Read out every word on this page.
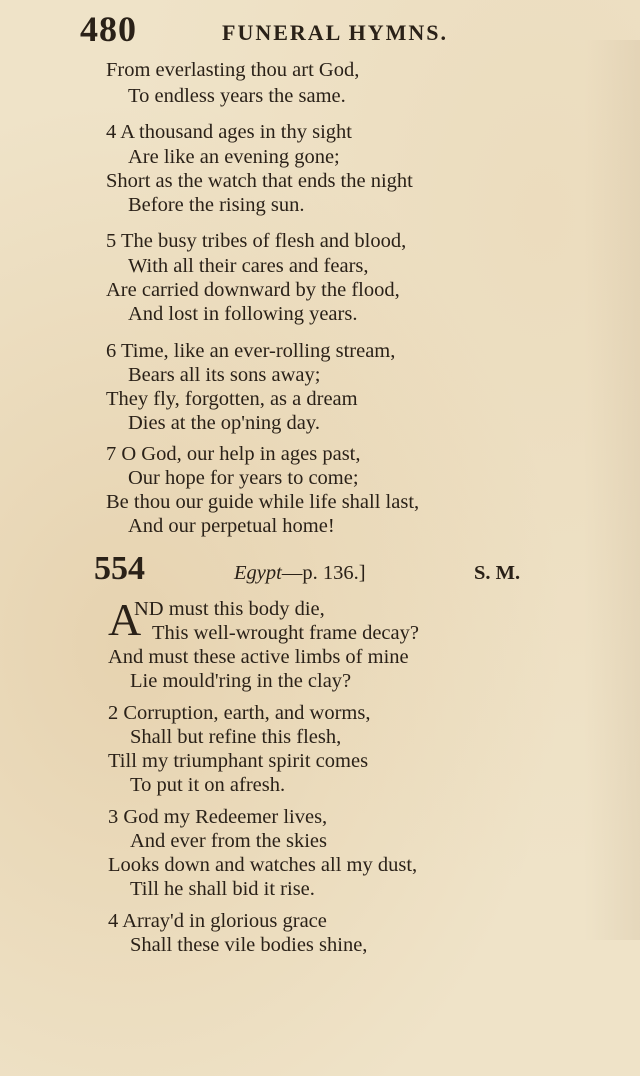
480	FUNERAL HYMNS.
From everlasting thou art God,
To endless years the same.
4 A thousand ages in thy sight
Are like an evening gone;
Short as the watch that ends the night
Before the rising sun.
5 The busy tribes of flesh and blood,
With all their cares and fears,
Are carried downward by the flood,
And lost in following years.
6 Time, like an ever-rolling stream,
Bears all its sons away;
They fly, forgotten, as a dream
Dies at the op'ning day.
7 O God, our help in ages past,
Our hope for years to come;
Be thou our guide while life shall last,
And our perpetual home!
554	Egypt—p. 136.]	S. M.
A
ND must this body die,
This well-wrought frame decay?
And must these active limbs of mine
Lie mould'ring in the clay?
2 Corruption, earth, and worms,
Shall but refine this flesh,
Till my triumphant spirit comes
To put it on afresh.
3 God my Redeemer lives,
And ever from the skies
Looks down and watches all my dust,
Till he shall bid it rise.
4 Array'd in glorious grace
Shall these vile bodies shine,
